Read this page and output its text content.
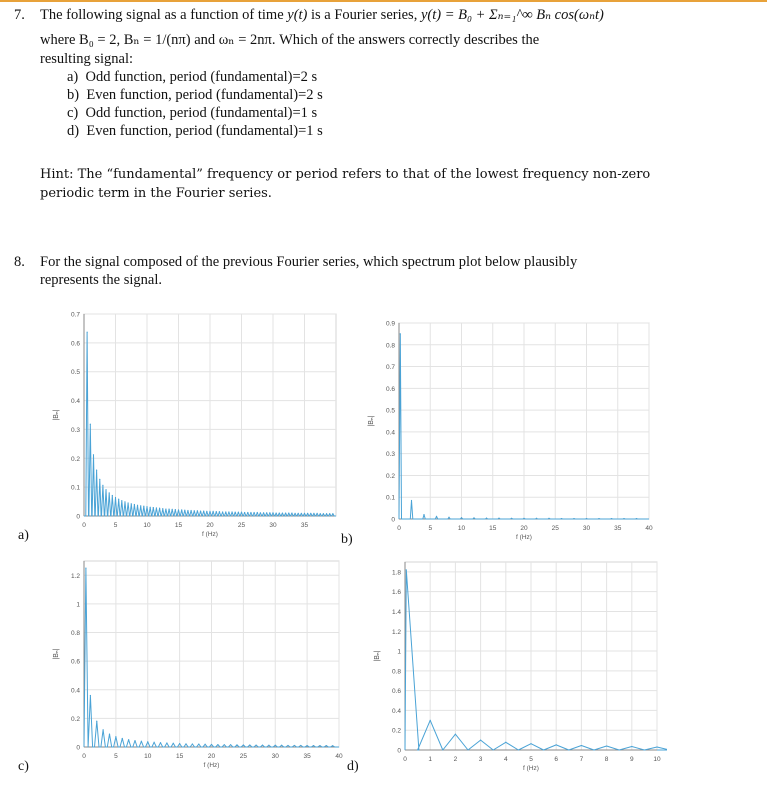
7. The following signal as a function of time y(t) is a Fourier series, y(t) = B₀ + Σₙ₌₁^∞ Bₙ cos(ωₙt)
where B₀ = 2, Bₙ = 1/(nπ) and ωₙ = 2nπ. Which of the answers correctly describes the
resulting signal:
a) Odd function, period (fundamental)=2 s
b) Even function, period (fundamental)=2 s
c) Odd function, period (fundamental)=1 s
d) Even function, period (fundamental)=1 s
Hint: The “fundamental” frequency or period refers to that of the lowest frequency non-zero
periodic term in the Fourier series.
8. For the signal composed of the previous Fourier series, which spectrum plot below plausibly
represents the signal.
0	5	10	15	20	25	30	35
0
0.1
0.2
0.3
0.4
0.5
0.6
0.7
f (Hz)
|Bₙ|
0	5	10	15	20	25	30	35	40
0
0.1
0.2
0.3
0.4
0.5
0.6
0.7
0.8
0.9
f (Hz)
|Bₙ|
0	5	10	15	20	25	30	35	40
0
0.2
0.4
0.6
0.8
1
1.2
f (Hz)
|Bₙ|
0	1	2	3	4	5	6	7	8	9	10
0
0.2
0.4
0.6
0.8
1
1.2
1.4
1.6
1.8
f (Hz)
|Bₙ|
a)	b)
c)	d)
